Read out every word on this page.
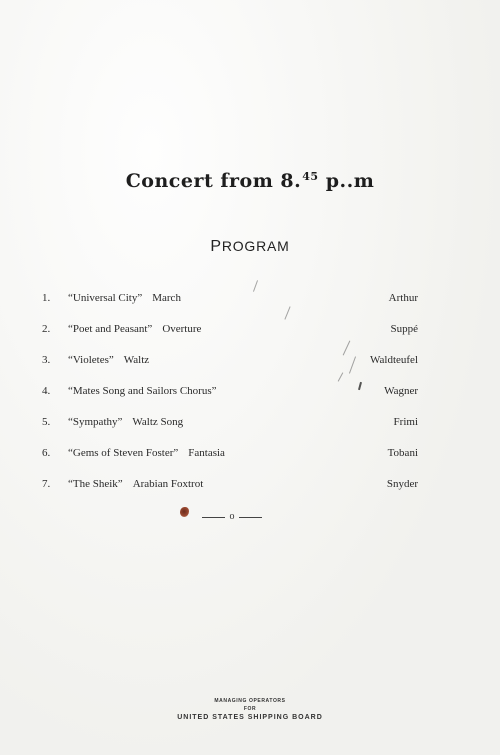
Concert from 8.45 p..m
PROGRAM
1.	“Universal City” March	Arthur
2.	“Poet and Peasant” Overture	Suppé
3.	“Violetes” Waltz	Waldteufel
4.	“Mates Song and Sailors Chorus”	Wagner
5.	“Sympathy” Waltz Song	Frimi
6.	“Gems of Steven Foster” Fantasia	Tobani
7.	“The Sheik” Arabian Foxtrot	Snyder
o
MANAGING OPERATORS
FOR
UNITED STATES SHIPPING BOARD
